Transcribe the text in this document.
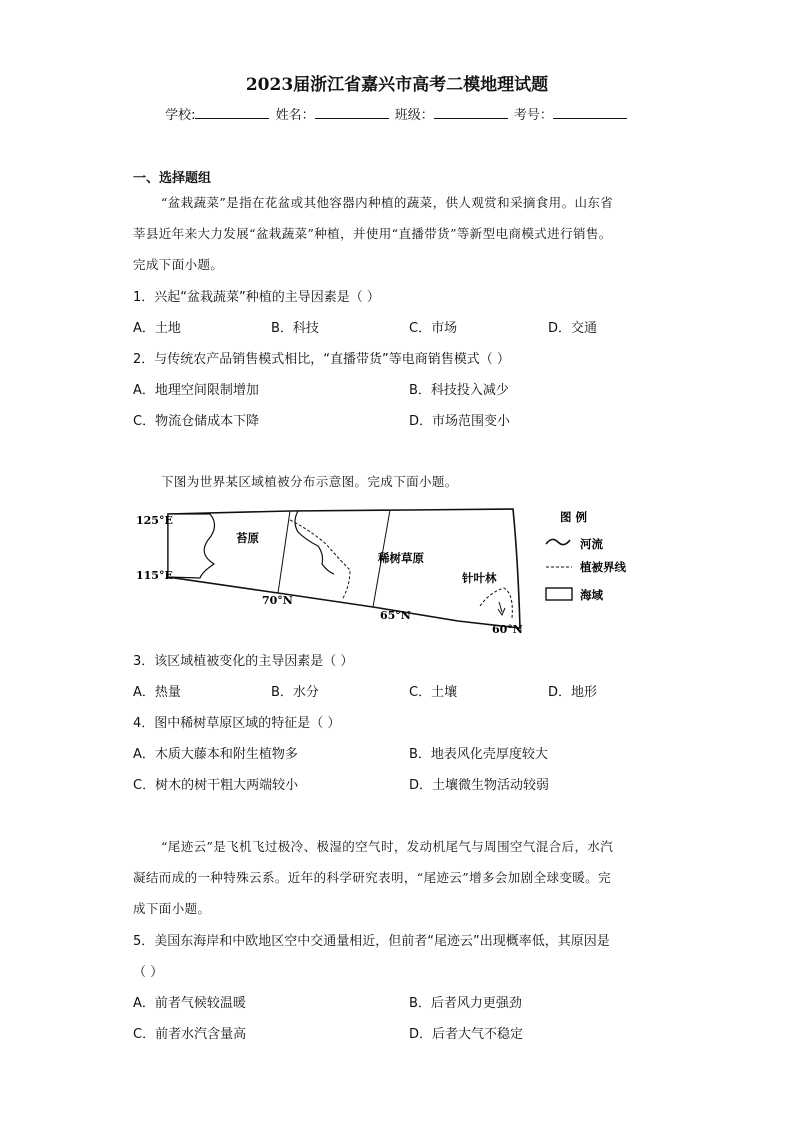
2023届浙江省嘉兴市高考二模地理试题
学校:	姓名：	班级：	考号：
一、选择题组
“盆栽蔬菜”是指在花盆或其他容器内种植的蔬菜，供人观赏和采摘食用。山东省
莘县近年来大力发展“盆栽蔬菜”种植，并使用“直播带货”等新型电商模式进行销售。
完成下面小题。
1．兴起“盆栽蔬菜”种植的主导因素是（ ）
A．土地	B．科技	C．市场	D．交通
2．与传统农产品销售模式相比，“直播带货”等电商销售模式（ ）
A．地理空间限制增加	B．科技投入减少
C．物流仓储成本下降	D．市场范围变小
下图为世界某区域植被分布示意图。完成下面小题。
125°E
115°E
70°N
65°N
60°N
苔原
稀树草原
针叶林
图 例
河流
植被界线
海域
3．该区域植被变化的主导因素是（ ）
A．热量	B．水分	C．土壤	D．地形
4．图中稀树草原区域的特征是（ ）
A．木质大藤本和附生植物多	B．地表风化壳厚度较大
C．树木的树干粗大两端较小	D．土壤微生物活动较弱
“尾迹云”是飞机飞过极冷、极湿的空气时，发动机尾气与周围空气混合后，水汽
凝结而成的一种特殊云系。近年的科学研究表明，“尾迹云”增多会加剧全球变暖。完
成下面小题。
5．美国东海岸和中欧地区空中交通量相近，但前者“尾迹云”出现概率低，其原因是
（ ）
A．前者气候较温暖	B．后者风力更强劲
C．前者水汽含量高	D．后者大气不稳定
